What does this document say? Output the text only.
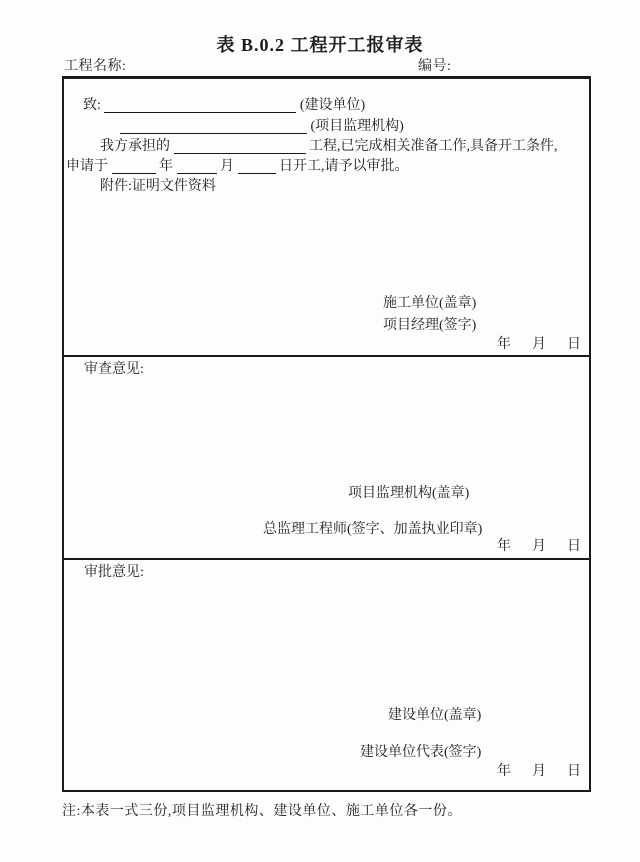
表 B.0.2 工程开工报审表
工程名称:	编号:
致:	(建设单位)
(项目监理机构)
我方承担的	工程,已完成相关准备工作,具备开工条件,
申请于	年	月	日开工,请予以审批。
附件:证明文件资料
施工单位(盖章)
项目经理(签字)
年 月 日
审查意见:
项目监理机构(盖章)
总监理工程师(签字、加盖执业印章)
年 月 日
审批意见:
建设单位(盖章)
建设单位代表(签字)
年 月 日
注:本表一式三份,项目监理机构、建设单位、施工单位各一份。
